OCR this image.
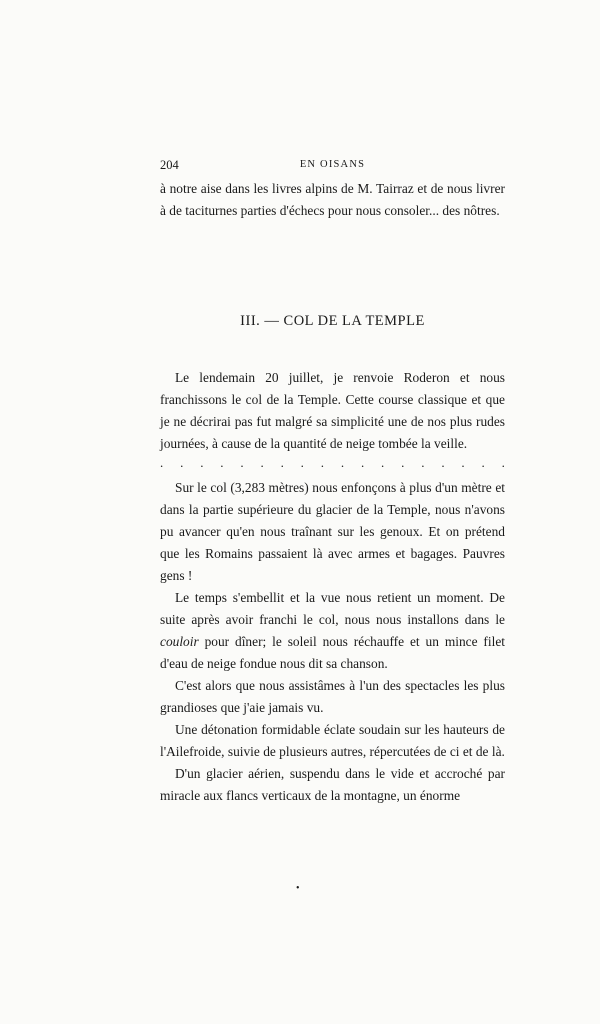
204	EN OISANS

à notre aise dans les livres alpins de M. Tairraz et de nous livrer à de taciturnes parties d'échecs pour nous consoler... des nôtres.

III. — COL DE LA TEMPLE

Le lendemain 20 juillet, je renvoie Roderon et nous franchissons le col de la Temple. Cette course classique et que je ne décrirai pas fut malgré sa simplicité une de nos plus rudes journées, à cause de la quantité de neige tombée la veille.

. . . . . . . . . . . . . . . . . .

Sur le col (3,283 mètres) nous enfonçons à plus d'un mètre et dans la partie supérieure du glacier de la Temple, nous n'avons pu avancer qu'en nous traînant sur les genoux. Et on prétend que les Romains passaient là avec armes et bagages. Pauvres gens !

Le temps s'embellit et la vue nous retient un moment. De suite après avoir franchi le col, nous nous installons dans le couloir pour dîner; le soleil nous réchauffe et un mince filet d'eau de neige fondue nous dit sa chanson.

C'est alors que nous assistâmes à l'un des spectacles les plus grandioses que j'aie jamais vu.

Une détonation formidable éclate soudain sur les hauteurs de l'Ailefroide, suivie de plusieurs autres, répercutées de ci et de là.

D'un glacier aérien, suspendu dans le vide et accroché par miracle aux flancs verticaux de la montagne, un énorme

•
